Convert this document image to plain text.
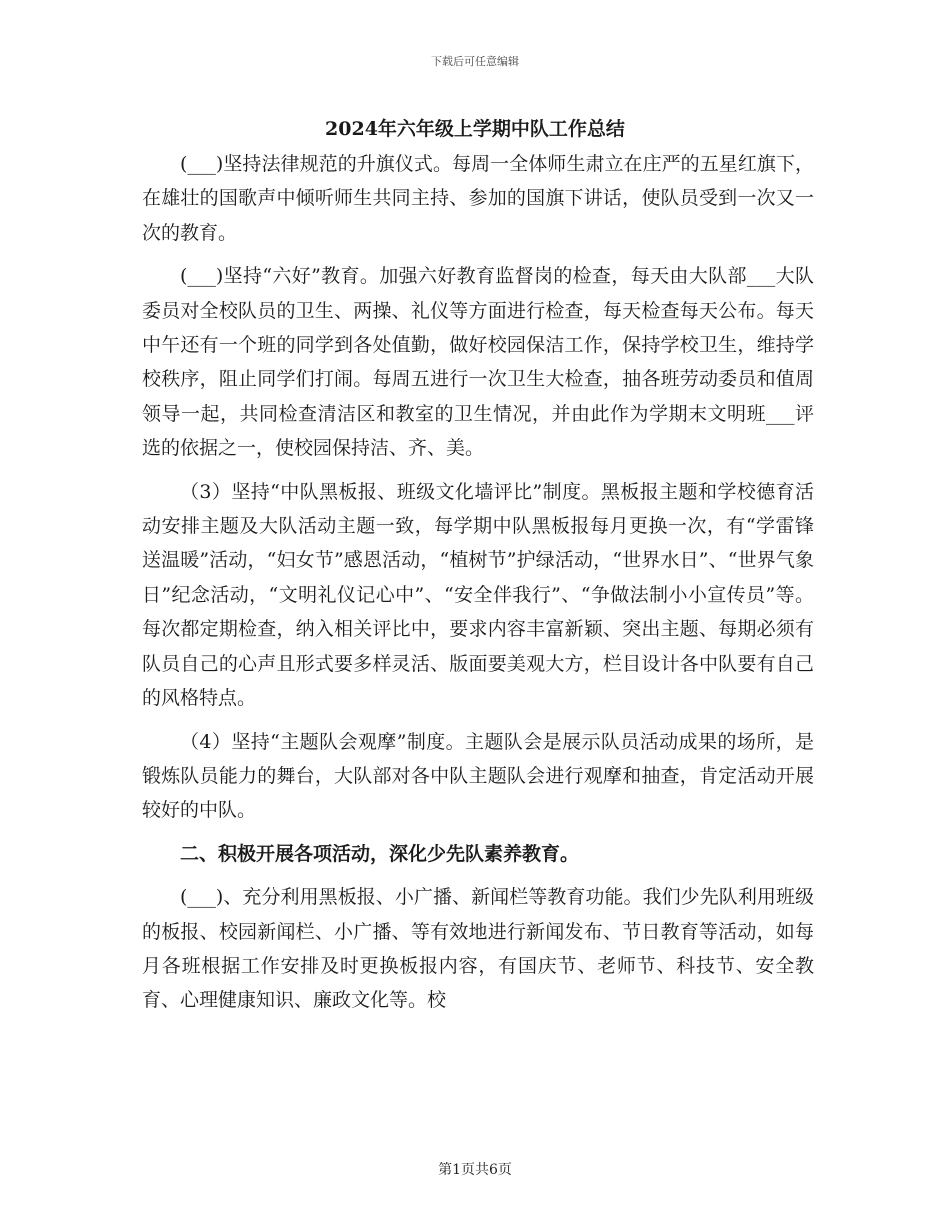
下载后可任意编辑
2024年六年级上学期中队工作总结

(___)坚持法律规范的升旗仪式。每周一全体师生肃立在庄严的五星红旗下，在雄壮的国歌声中倾听师生共同主持、参加的国旗下讲话，使队员受到一次又一次的教育。

(___)坚持“六好”教育。加强六好教育监督岗的检查，每天由大队部___大队委员对全校队员的卫生、两操、礼仪等方面进行检查，每天检查每天公布。每天中午还有一个班的同学到各处值勤，做好校园保洁工作，保持学校卫生，维持学校秩序，阻止同学们打闹。每周五进行一次卫生大检查，抽各班劳动委员和值周领导一起，共同检查清洁区和教室的卫生情况，并由此作为学期末文明班___评选的依据之一，使校园保持洁、齐、美。

（3）坚持“中队黑板报、班级文化墙评比”制度。黑板报主题和学校德育活动安排主题及大队活动主题一致，每学期中队黑板报每月更换一次，有“学雷锋送温暖”活动，“妇女节”感恩活动，“植树节”护绿活动，“世界水日”、“世界气象日”纪念活动，“文明礼仪记心中”、“安全伴我行”、“争做法制小小宣传员”等。每次都定期检查，纳入相关评比中，要求内容丰富新颖、突出主题、每期必须有队员自己的心声且形式要多样灵活、版面要美观大方，栏目设计各中队要有自己的风格特点。

（4）坚持“主题队会观摩”制度。主题队会是展示队员活动成果的场所，是锻炼队员能力的舞台，大队部对各中队主题队会进行观摩和抽查，肯定活动开展较好的中队。

二、积极开展各项活动，深化少先队素养教育。

(___)、充分利用黑板报、小广播、新闻栏等教育功能。我们少先队利用班级的板报、校园新闻栏、小广播、等有效地进行新闻发布、节日教育等活动，如每月各班根据工作安排及时更换板报内容，有国庆节、老师节、科技节、安全教育、心理健康知识、廉政文化等。校

第1页共6页
